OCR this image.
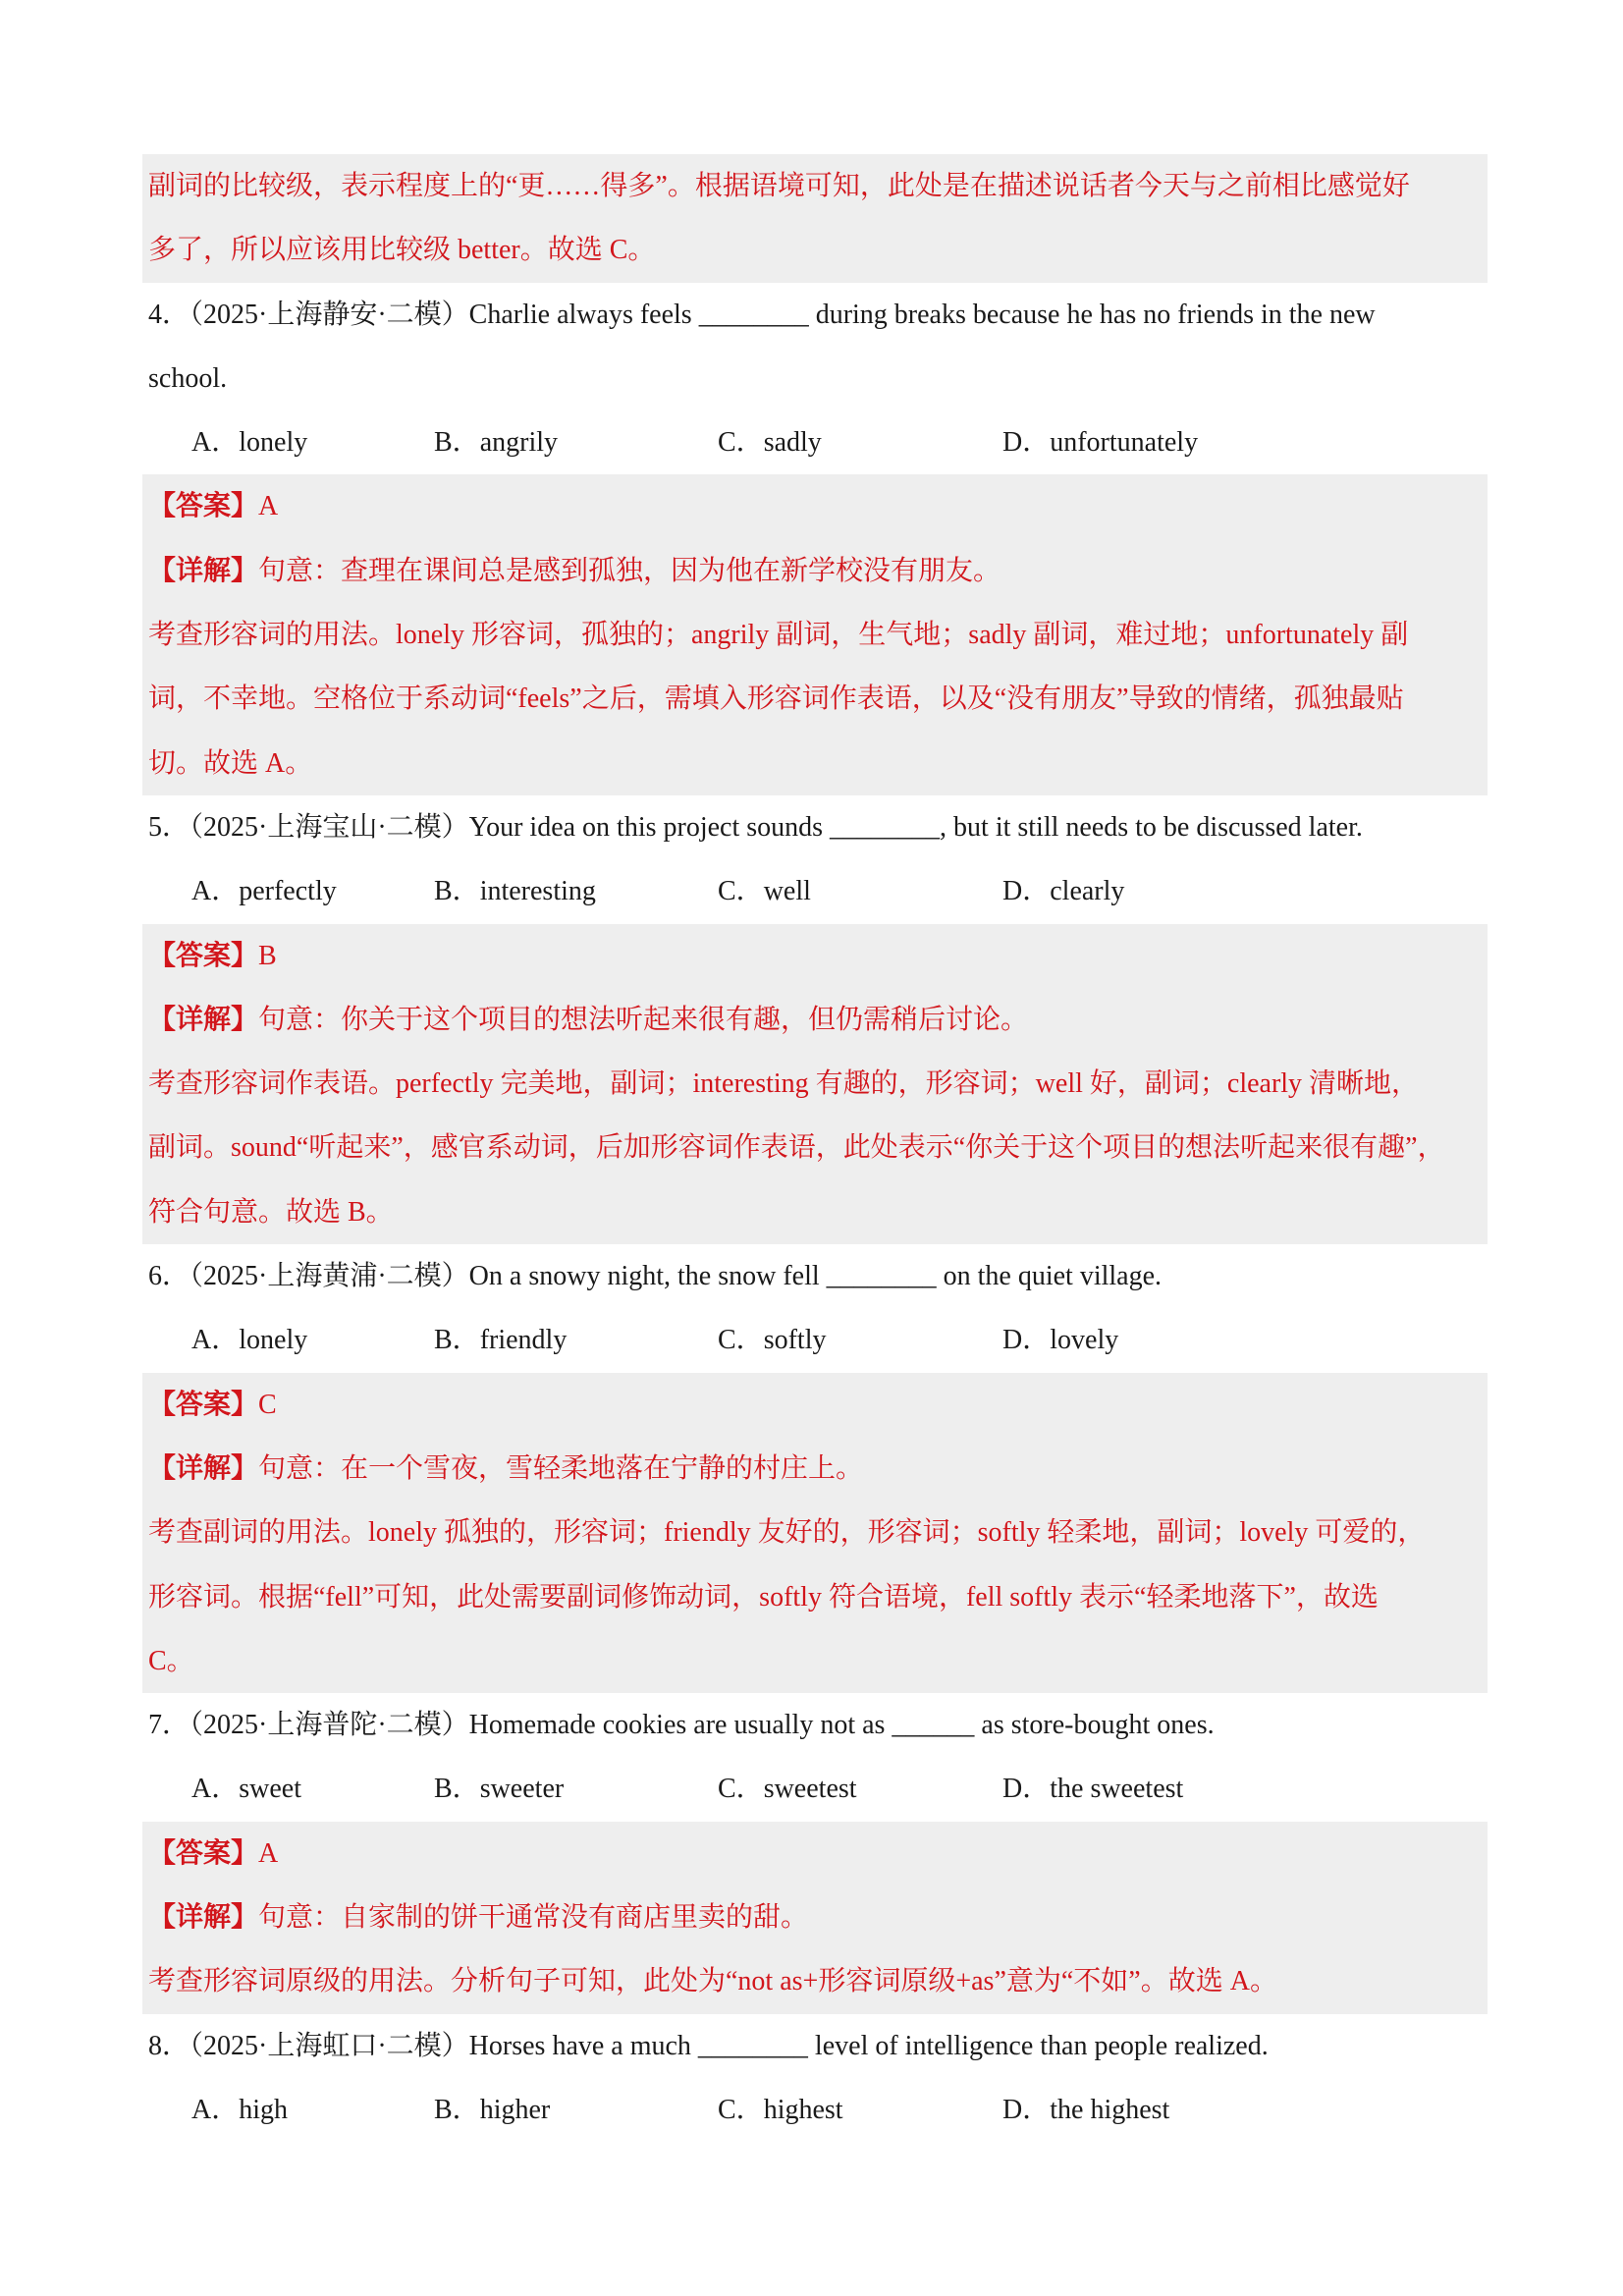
副词的比较级，表示程度上的“更……得多”。根据语境可知，此处是在描述说话者今天与之前相比感觉好
多了，所以应该用比较级 better。故选 C。
4．（2025·上海静安·二模）Charlie always feels ________ during breaks because he has no friends in the new
school.
A．lonely	B．angrily	C．sadly	D．unfortunately
【答案】A
【详解】句意：查理在课间总是感到孤独，因为他在新学校没有朋友。
考查形容词的用法。lonely 形容词，孤独的；angrily 副词，生气地；sadly 副词，难过地；unfortunately 副
词，不幸地。空格位于系动词“feels”之后，需填入形容词作表语，以及“没有朋友”导致的情绪，孤独最贴
切。故选 A。
5．（2025·上海宝山·二模）Your idea on this project sounds ________, but it still needs to be discussed later.
A．perfectly	B．interesting	C．well	D．clearly
【答案】B
【详解】句意：你关于这个项目的想法听起来很有趣，但仍需稍后讨论。
考查形容词作表语。perfectly 完美地，副词；interesting 有趣的，形容词；well 好，副词；clearly 清晰地，
副词。sound“听起来”，感官系动词，后加形容词作表语，此处表示“你关于这个项目的想法听起来很有趣”，
符合句意。故选 B。
6．（2025·上海黄浦·二模）On a snowy night, the snow fell ________ on the quiet village.
A．lonely	B．friendly	C．softly	D．lovely
【答案】C
【详解】句意：在一个雪夜，雪轻柔地落在宁静的村庄上。
考查副词的用法。lonely 孤独的，形容词；friendly 友好的，形容词；softly 轻柔地，副词；lovely 可爱的，
形容词。根据“fell”可知，此处需要副词修饰动词，softly 符合语境，fell softly 表示“轻柔地落下”，故选
C。
7．（2025·上海普陀·二模）Homemade cookies are usually not as ______ as store-bought ones.
A．sweet	B．sweeter	C．sweetest	D．the sweetest
【答案】A
【详解】句意：自家制的饼干通常没有商店里卖的甜。
考查形容词原级的用法。分析句子可知，此处为“not as+形容词原级+as”意为“不如”。故选 A。
8．（2025·上海虹口·二模）Horses have a much ________ level of intelligence than people realized.
A．high	B．higher	C．highest	D．the highest
